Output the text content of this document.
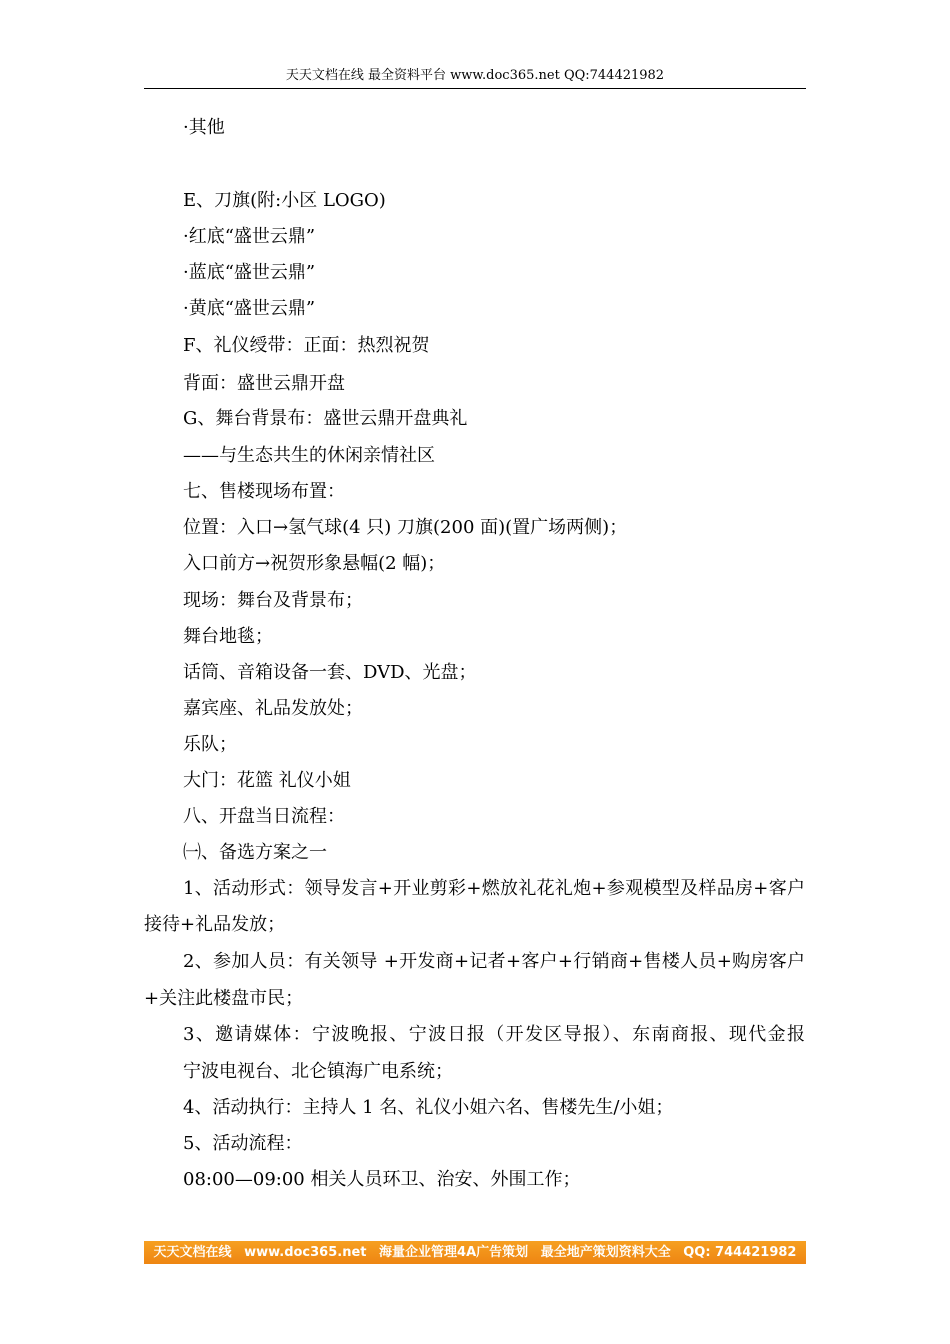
天天文档在线 最全资料平台 www.doc365.net QQ:744421982
·其他
E、刀旗(附:小区 LOGO)
·红底“盛世云鼎”
·蓝底“盛世云鼎”
·黄底“盛世云鼎”
F、礼仪绶带：正面：热烈祝贺
背面：盛世云鼎开盘
G、舞台背景布：盛世云鼎开盘典礼
——与生态共生的休闲亲情社区
七、售楼现场布置：
位置：入口→氢气球(4 只) 刀旗(200 面)(置广场两侧)；
入口前方→祝贺形象悬幅(2 幅)；
现场：舞台及背景布；
舞台地毯；
话筒、音箱设备一套、DVD、光盘；
嘉宾座、礼品发放处；
乐队；
大门：花篮 礼仪小姐
八、开盘当日流程：
㈠、备选方案之一
1、活动形式：领导发言+开业剪彩+燃放礼花礼炮+参观模型及样品房+客户
接待+礼品发放；
2、参加人员：有关领导 +开发商+记者+客户+行销商+售楼人员+购房客户
+关注此楼盘市民；
3、邀请媒体：宁波晚报、宁波日报（开发区导报）、东南商报、现代金报
宁波电视台、北仑镇海广电系统；
4、活动执行：主持人 1 名、礼仪小姐六名、售楼先生/小姐；
5、活动流程：
08:00—09:00 相关人员环卫、治安、外围工作；
天天文档在线 www.doc365.net 海量企业管理4A广告策划 最全地产策划资料大全 QQ: 744421982
